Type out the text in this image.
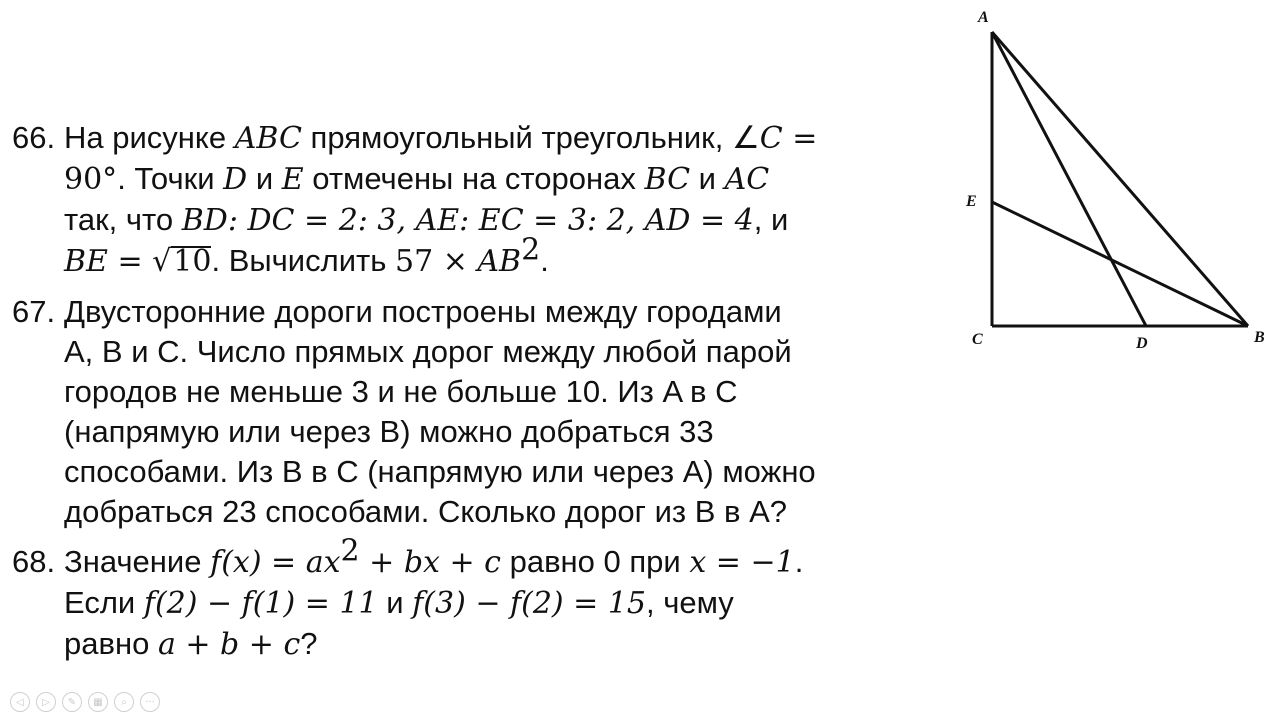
66. На рисунке ABC прямоугольный треугольник, ∠C =
90°. Точки D и E отмечены на сторонах BC и AC
так, что BD: DC = 2: 3, AE: EC = 3: 2, AD = 4, и
BE = √10. Вычислить $57 \times AB^2$.
67. Двусторонние дороги построены между городами
A, B и C. Число прямых дорог между любой парой
городов не меньше 3 и не больше 10. Из A в C
(напрямую или через B) можно добраться 33
способами. Из B в C (напрямую или через A) можно
добраться 23 способами. Сколько дорог из B в A?
68. Значение $f(x) = ax^2$ + bx + c равно 0 при x = −1.
Если f(2) − f(1) = 11 и f(3) − f(2) = 15, чему
равно a + b + c?
A
B
C	D
E
◁	▷	✎	▦	⌕	···
